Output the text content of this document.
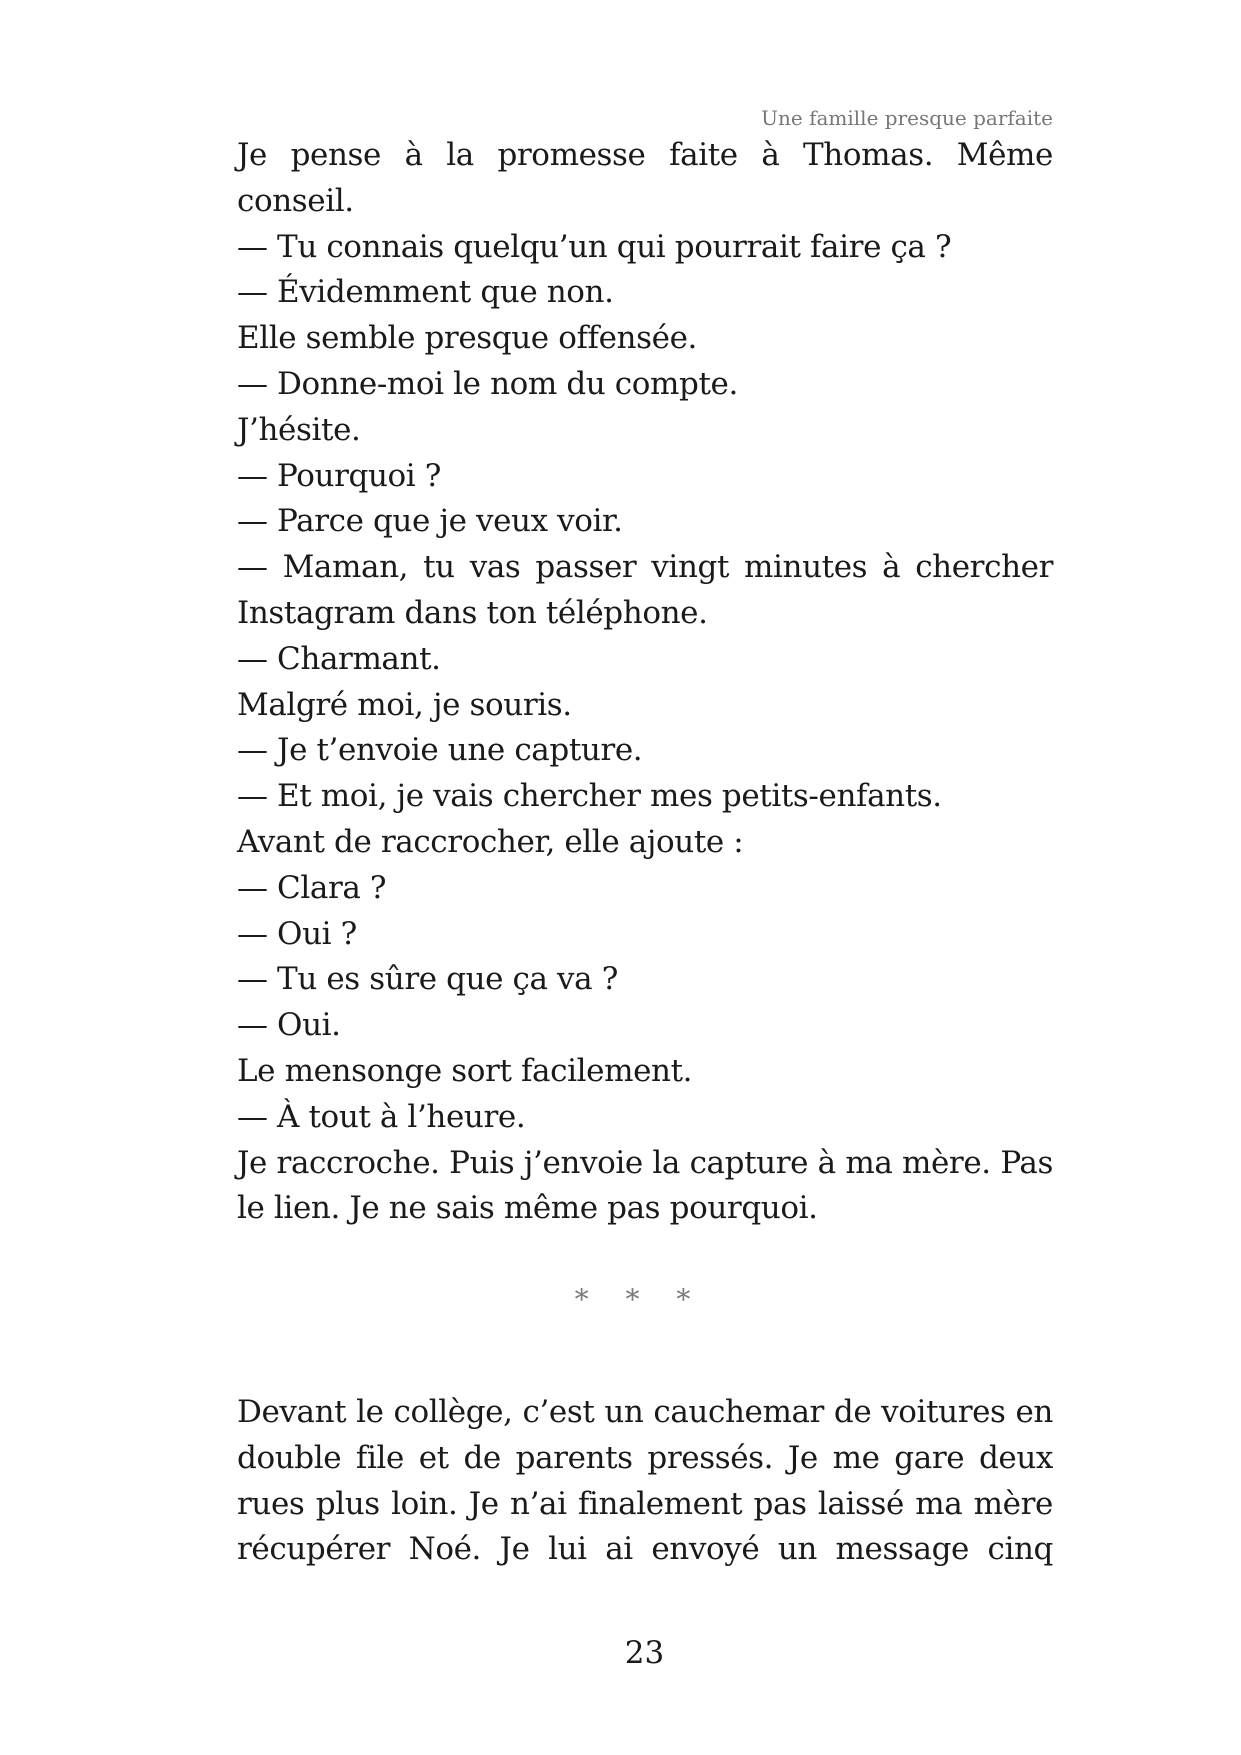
Une famille presque parfaite
Je pense à la promesse faite à Thomas. Même
conseil.
— Tu connais quelqu’un qui pourrait faire ça ?
— Évidemment que non.
Elle semble presque offensée.
— Donne-moi le nom du compte.
J’hésite.
— Pourquoi ?
— Parce que je veux voir.
— Maman, tu vas passer vingt minutes à chercher
Instagram dans ton téléphone.
— Charmant.
Malgré moi, je souris.
— Je t’envoie une capture.
— Et moi, je vais chercher mes petits-enfants.
Avant de raccrocher, elle ajoute :
— Clara ?
— Oui ?
— Tu es sûre que ça va ?
— Oui.
Le mensonge sort facilement.
— À tout à l’heure.
Je raccroche. Puis j’envoie la capture à ma mère. Pas
le lien. Je ne sais même pas pourquoi.
* * *
Devant le collège, c’est un cauchemar de voitures en
double file et de parents pressés. Je me gare deux
rues plus loin. Je n’ai finalement pas laissé ma mère
récupérer Noé. Je lui ai envoyé un message cinq
23
